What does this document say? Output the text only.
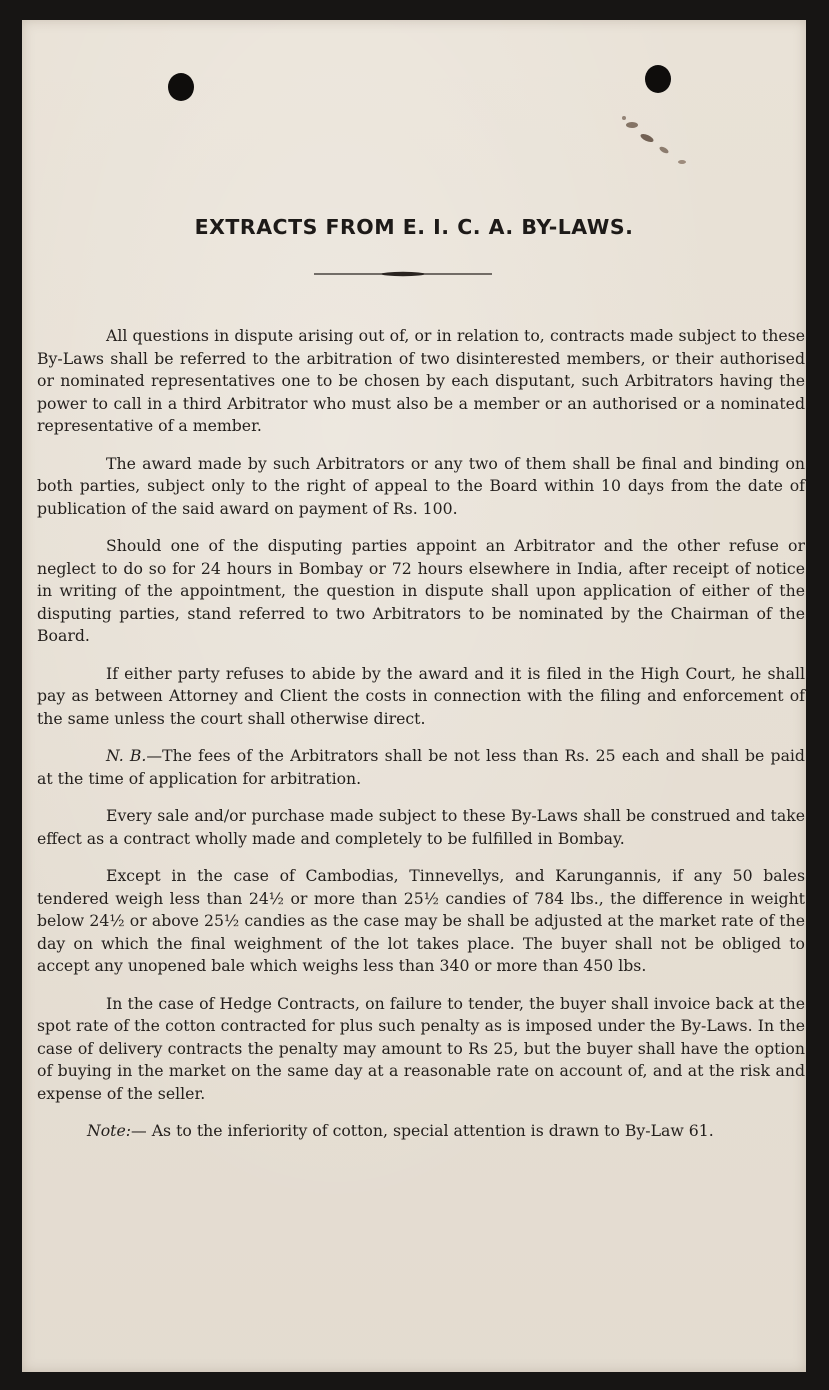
EXTRACTS FROM E. I. C. A. BY-LAWS.

All questions in dispute arising out of, or in relation to, contracts made subject to these By-Laws shall be referred to the arbitration of two disinterested members, or their authorised or nominated representatives one to be chosen by each disputant, such Arbitrators having the power to call in a third Arbitrator who must also be a member or an authorised or a nominated representative of a member.

The award made by such Arbitrators or any two of them shall be final and binding on both parties, subject only to the right of appeal to the Board within 10 days from the date of publication of the said award on payment of Rs. 100.

Should one of the disputing parties appoint an Arbitrator and the other refuse or neglect to do so for 24 hours in Bombay or 72 hours elsewhere in India, after receipt of notice in writing of the appointment, the question in dispute shall upon application of either of the disputing parties, stand referred to two Arbitrators to be nominated by the Chairman of the Board.

If either party refuses to abide by the award and it is filed in the High Court, he shall pay as between Attorney and Client the costs in connection with the filing and enforcement of the same unless the court shall otherwise direct.

N. B.—The fees of the Arbitrators shall be not less than Rs. 25 each and shall be paid at the time of application for arbitration.

Every sale and/or purchase made subject to these By-Laws shall be construed and take effect as a contract wholly made and completely to be fulfilled in Bombay.

Except in the case of Cambodias, Tinnevellys, and Karungannis, if any 50 bales tendered weigh less than 24½ or more than 25½ candies of 784 lbs., the difference in weight below 24½ or above 25½ candies as the case may be shall be adjusted at the market rate of the day on which the final weighment of the lot takes place. The buyer shall not be obliged to accept any unopened bale which weighs less than 340 or more than 450 lbs.

In the case of Hedge Contracts, on failure to tender, the buyer shall invoice back at the spot rate of the cotton contracted for plus such penalty as is imposed under the By-Laws. In the case of delivery contracts the penalty may amount to Rs 25, but the buyer shall have the option of buying in the market on the same day at a reasonable rate on account of, and at the risk and expense of the seller.

Note:— As to the inferiority of cotton, special attention is drawn to By-Law 61.
